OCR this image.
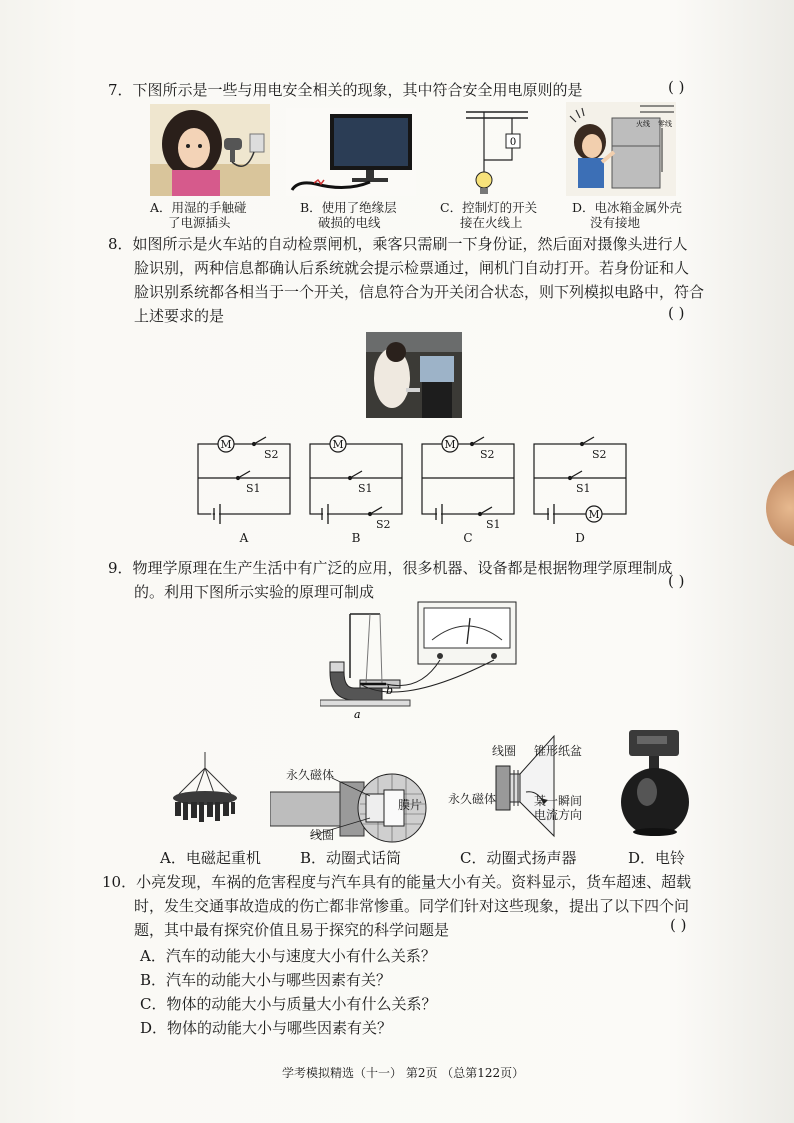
7．下图所示是一些与用电安全相关的现象，其中符合安全用电原则的是	( )
0
火线 零线
A．用湿的手触碰
了电源插头
B．使用了绝缘层
破损的电线
C．控制灯的开关
接在火线上
D．电冰箱金属外壳
没有接地
8．如图所示是火车站的自动检票闸机，乘客只需刷一下身份证，然后面对摄像头进行人
脸识别，两种信息都确认后系统就会提示检票通过，闸机门自动打开。若身份证和人
脸识别系统都各相当于一个开关，信息符合为开关闭合状态，则下列模拟电路中，符合
上述要求的是	( )
M
S2
S1
A
M
S1
S2
B
M
S2
S1
C
S2
S1
M
D
9．物理学原理在生产生活中有广泛的应用，很多机器、设备都是根据物理学原理制成
的。利用下图所示实验的原理可制成
( )
a
b
永久磁体
线圈
膜片
线圈 锥形纸盆
永久磁体	某一瞬间
电流方向
A．电磁起重机	B．动圈式话筒	C．动圈式扬声器	D．电铃
10．小亮发现，车祸的危害程度与汽车具有的能量大小有关。资料显示，货车超速、超载
时，发生交通事故造成的伤亡都非常惨重。同学们针对这些现象，提出了以下四个问
题，其中最有探究价值且易于探究的科学问题是	( )
A．汽车的动能大小与速度大小有什么关系？
B．汽车的动能大小与哪些因素有关？
C．物体的动能大小与质量大小有什么关系？
D．物体的动能大小与哪些因素有关？
学考模拟精选（十一） 第2页 （总第122页）
